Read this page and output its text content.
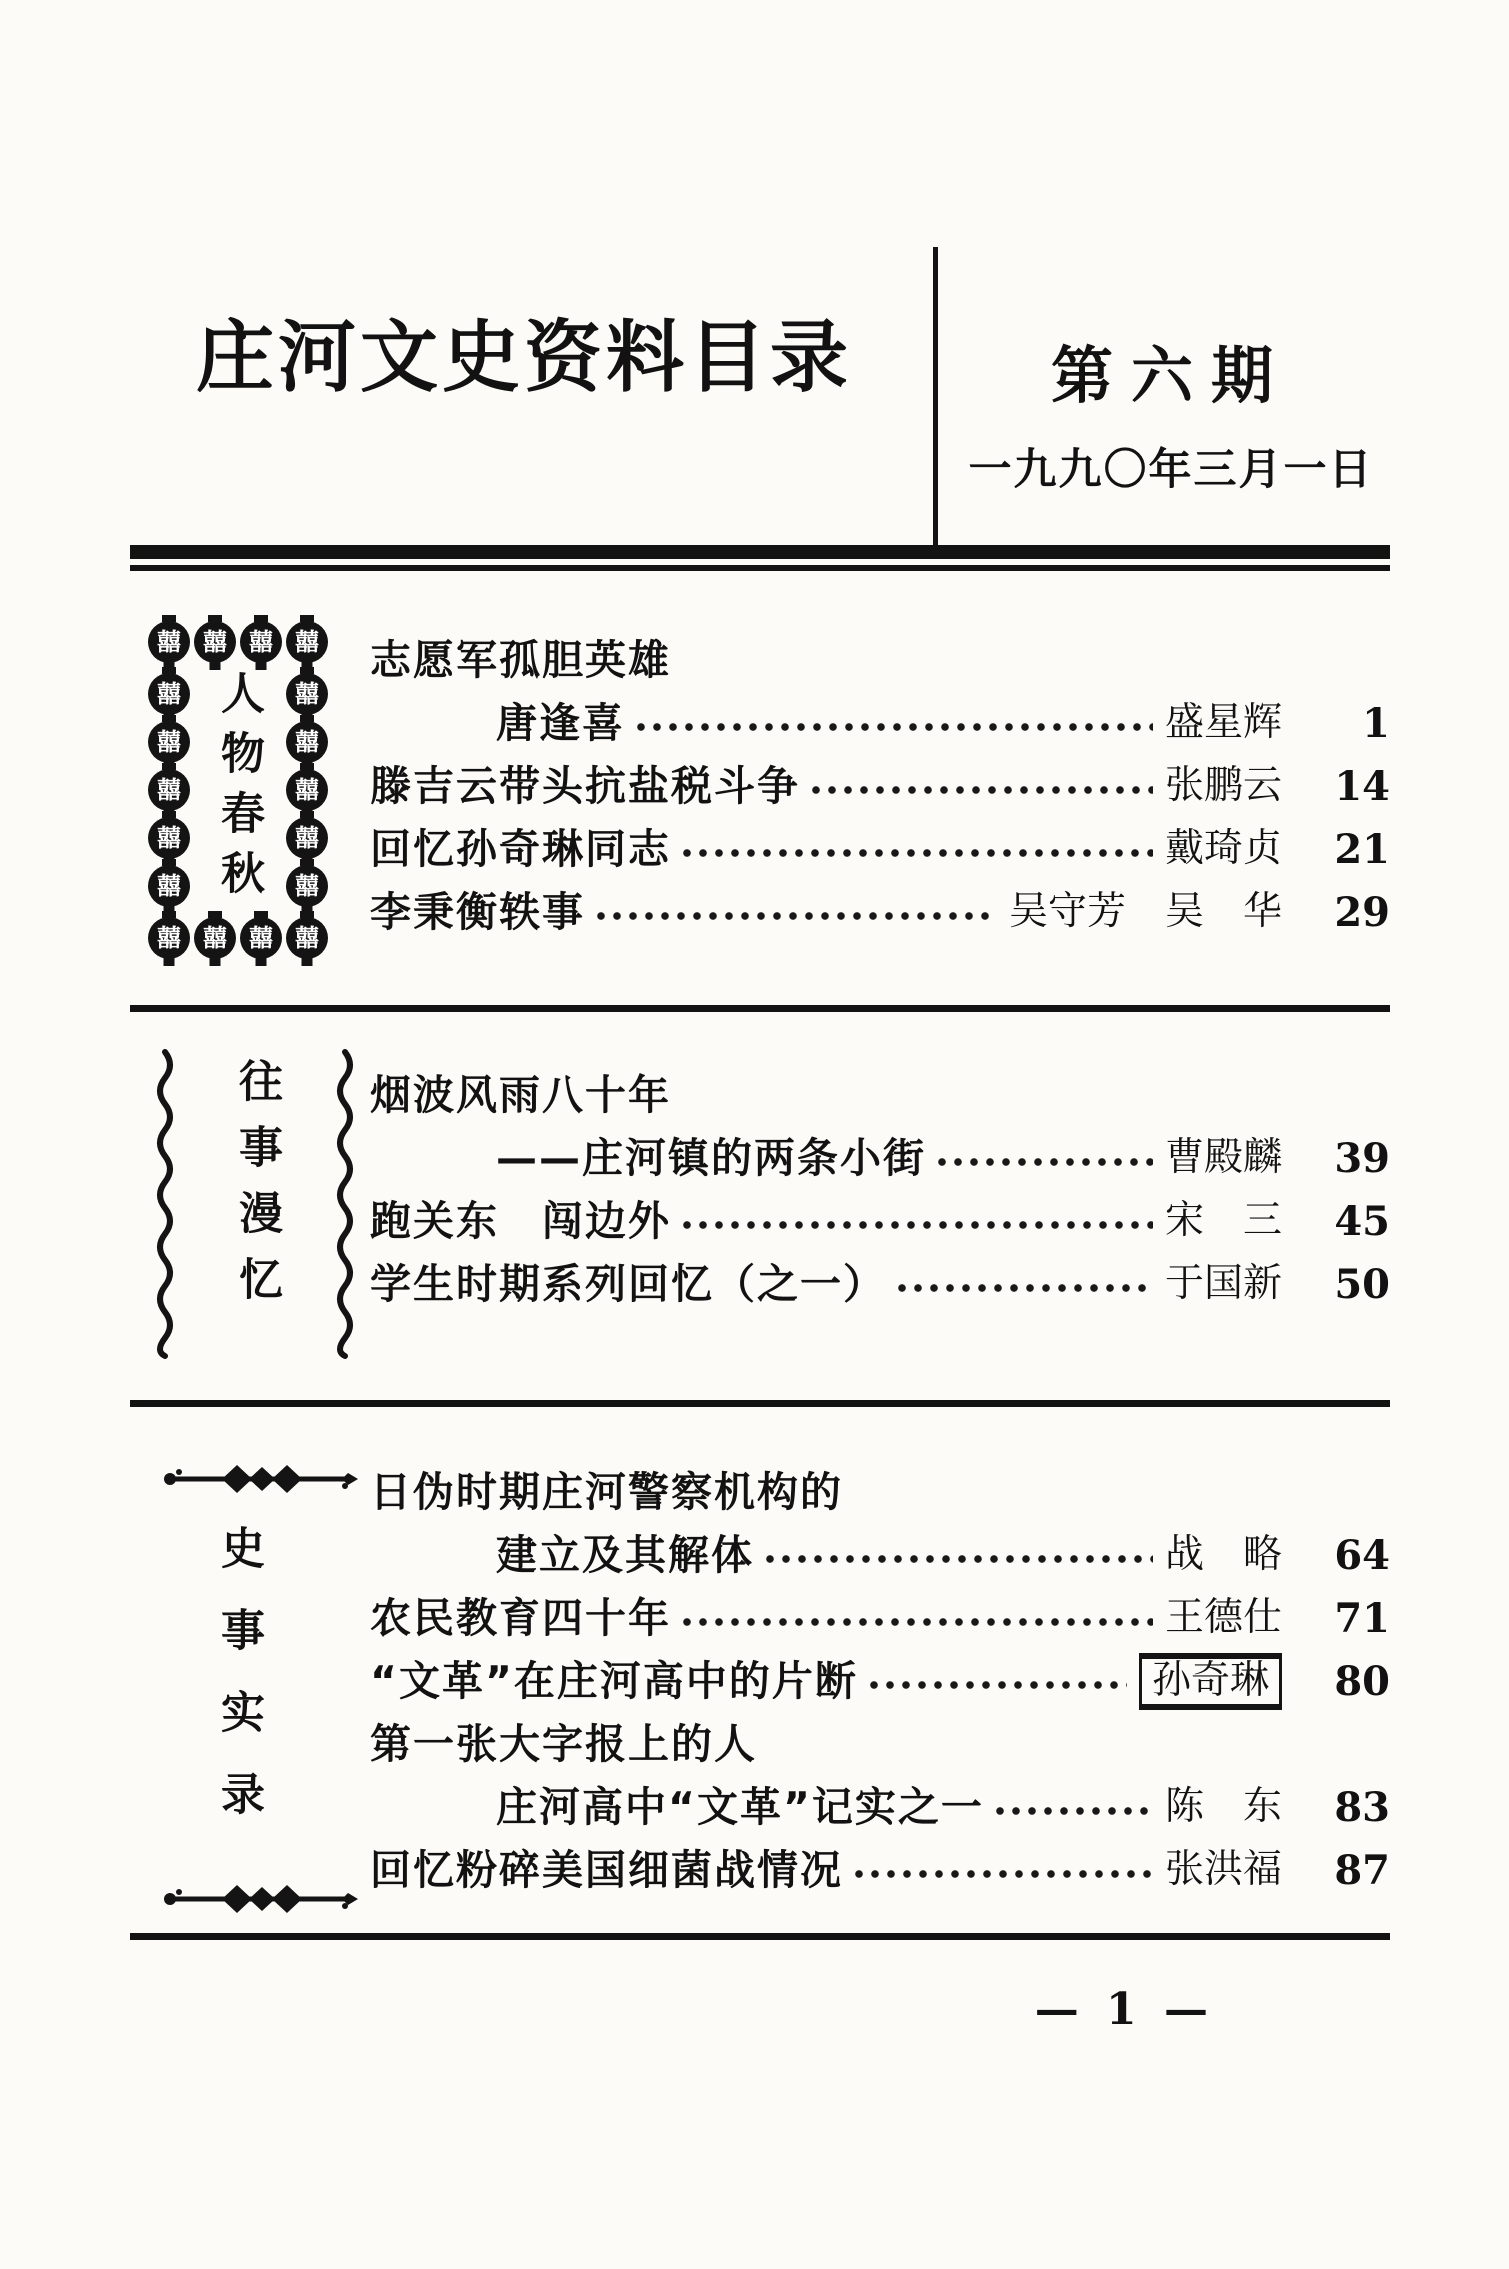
庄河文史资料目录	第六期
一九九〇年三月一日
囍 囍 囍 囍
囍
囍
囍
囍
囍 人物春秋 囍
囍
囍
囍
囍
囍 囍 囍 囍
志愿军孤胆英雄
唐逢喜	盛星辉	1
滕吉云带头抗盐税斗争	张鹏云	14
回忆孙奇琳同志	戴琦贞	21
李秉衡轶事	吴守芳　吴　华	29
往事漫忆 烟波风雨八十年
——庄河镇的两条小街	曹殿麟	39
跑关东　闯边外	宋　三	45
学生时期系列回忆（之一）	于国新	50
史事实录
日伪时期庄河警察机构的
建立及其解体	战　略	64
农民教育四十年	王德仕	71
“文革”在庄河高中的片断	孙奇琳	80
第一张大字报上的人
庄河高中“文革”记实之一	陈　东	83
回忆粉碎美国细菌战情况	张洪福	87
— 1 —
